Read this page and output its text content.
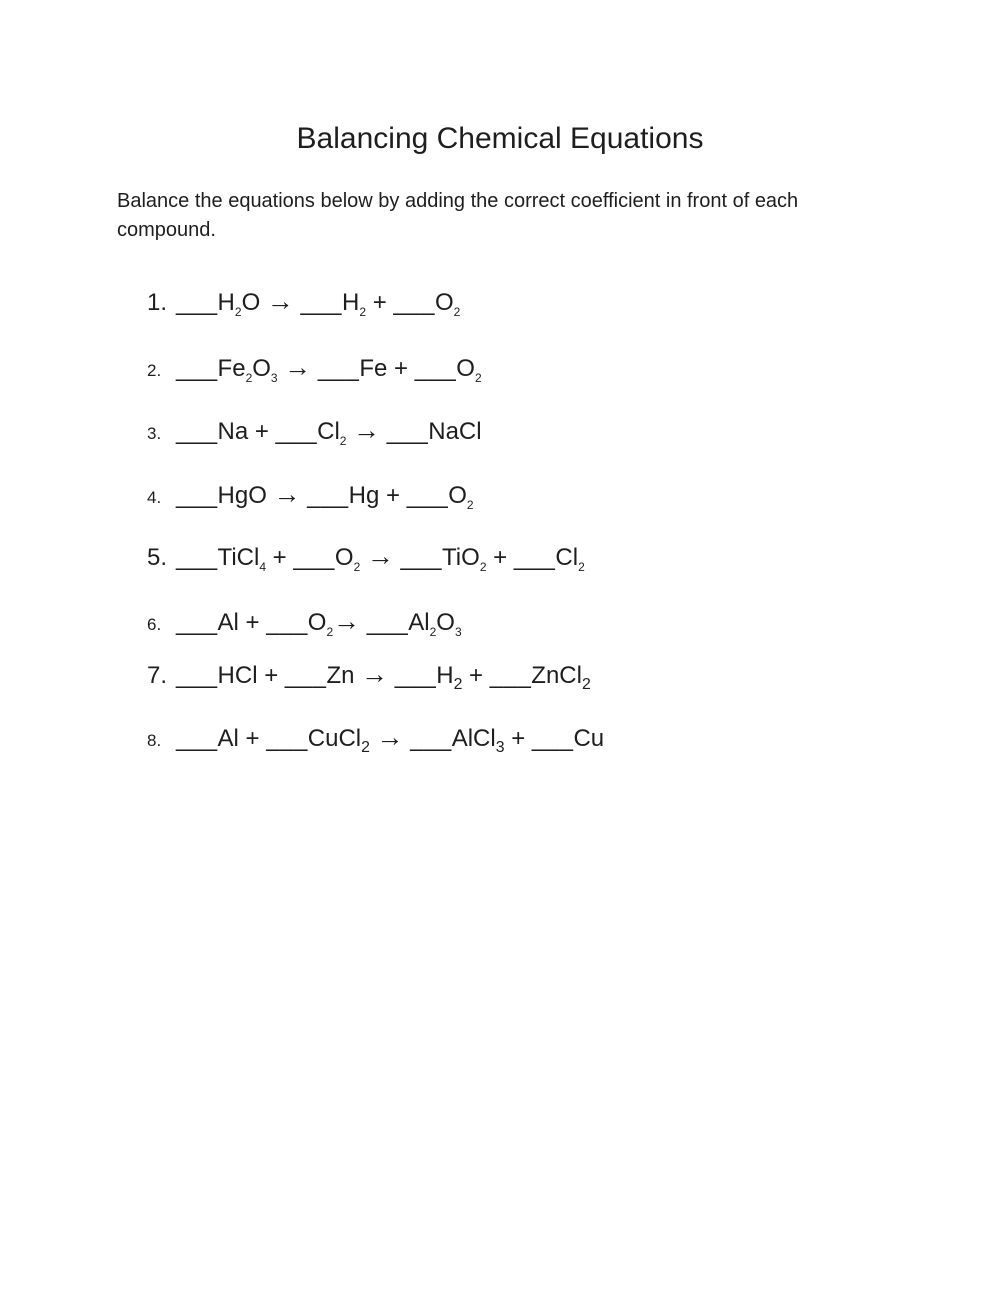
Balancing Chemical Equations
Balance the equations below by adding the correct coefficient in front of each
compound.
1. $\_\_\_H_2O$ → $\_\_\_H_2$ + $\_\_\_O_2$
2. $\_\_\_Fe_2O_3$ → ___Fe + $\_\_\_O_2$
3. ___Na + $\_\_\_Cl_2$ → ___NaCl
4. ___HgO → ___Hg + $\_\_\_O_2$
5. ___TiCl$_4$ + $\_\_\_O_2$ → ___TiO$_2$ + $\_\_\_Cl_2$
6. ___Al + $\_\_\_O_2\to$ $\_\_\_Al_2O_3$
7. ___HCl + ___Zn → $\_\_\_H_2$ + ___ZnCl$_2$
8. ___Al + ___CuCl$_2$ → ___AlCl$_3$ + ___Cu
